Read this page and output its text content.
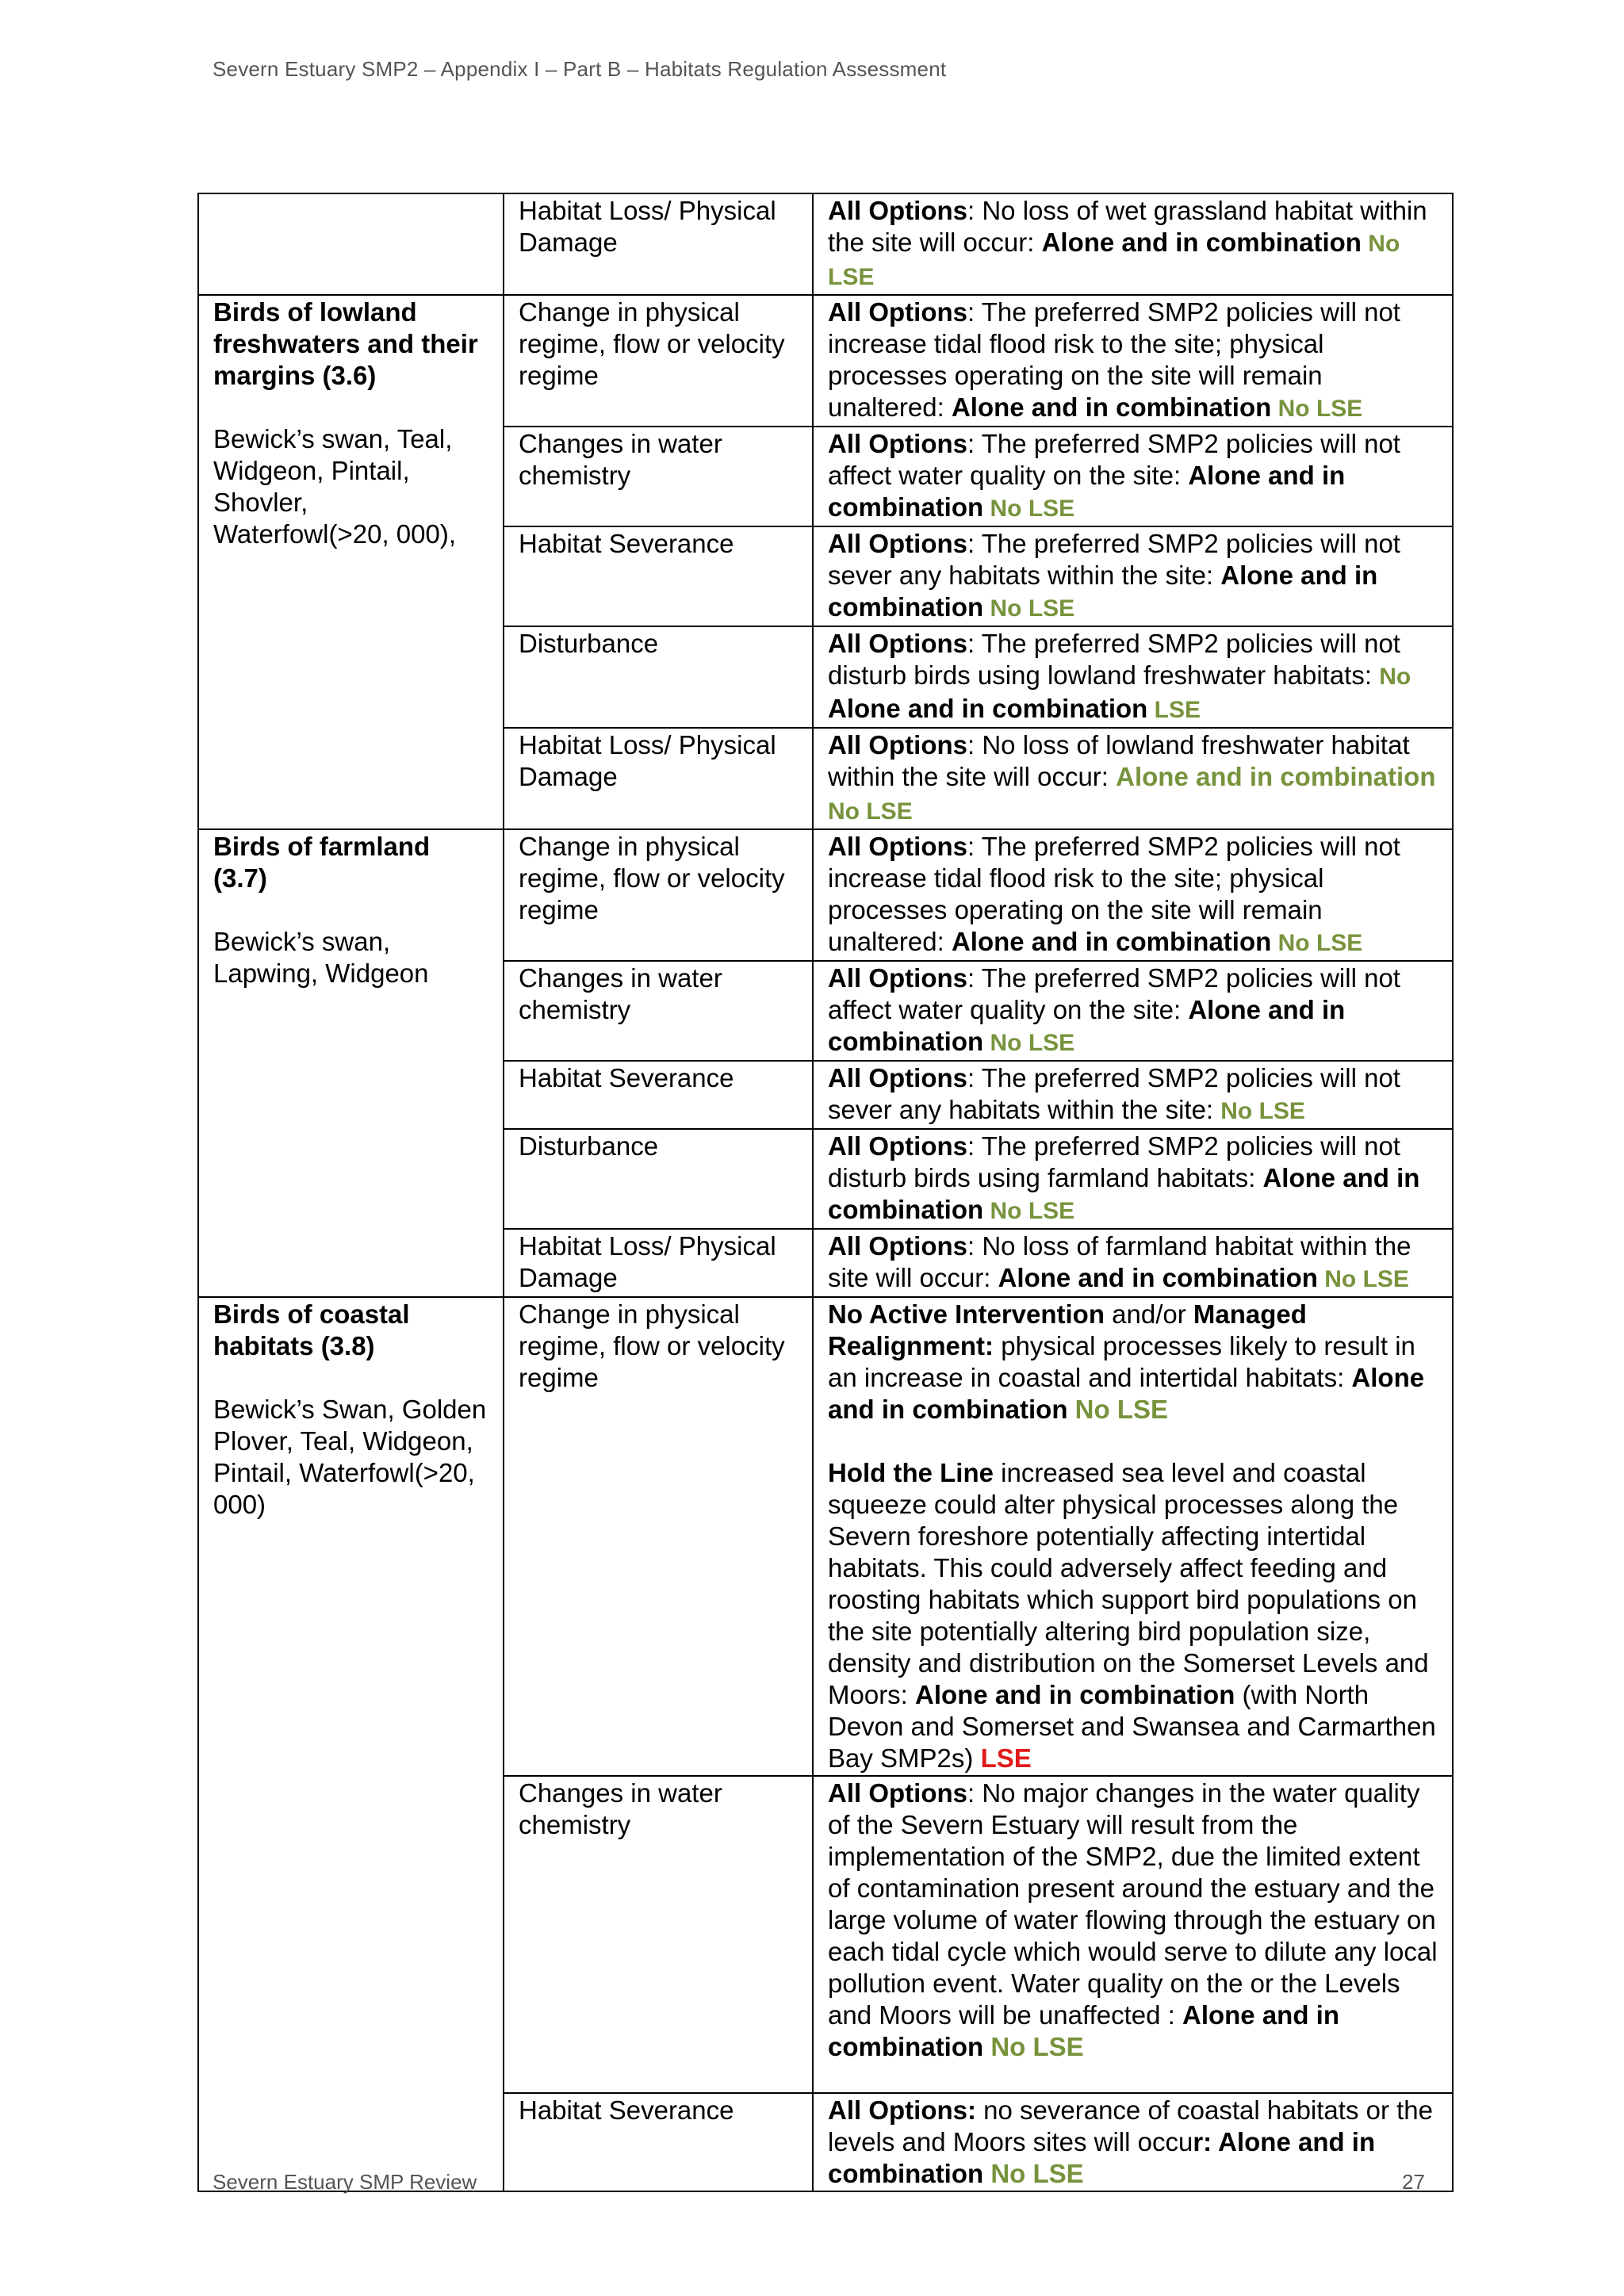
Severn Estuary SMP2 – Appendix I – Part B – Habitats Regulation Assessment
	Habitat Loss/ Physical Damage	All Options: No loss of wet grassland habitat within the site will occur: Alone and in combination No LSE

Birds of lowland freshwaters and their margins (3.6)
Bewick’s swan, Teal, Widgeon, Pintail, Shovler, Waterfowl(>20, 000),	Change in physical regime, flow or velocity regime	All Options: The preferred SMP2 policies will not increase tidal flood risk to the site; physical processes operating on the site will remain unaltered: Alone and in combination No LSE
	Changes in water chemistry	All Options: The preferred SMP2 policies will not affect water quality on the site: Alone and in combination No LSE
	Habitat Severance	All Options: The preferred SMP2 policies will not sever any habitats within the site: Alone and in combination No LSE
	Disturbance	All Options: The preferred SMP2 policies will not disturb birds using lowland freshwater habitats: No Alone and in combination LSE
	Habitat Loss/ Physical Damage	All Options: No loss of lowland freshwater habitat within the site will occur: Alone and in combination No LSE

Birds of farmland (3.7)
Bewick’s swan, Lapwing, Widgeon	Change in physical regime, flow or velocity regime	All Options: The preferred SMP2 policies will not increase tidal flood risk to the site; physical processes operating on the site will remain unaltered: Alone and in combination No LSE
	Changes in water chemistry	All Options: The preferred SMP2 policies will not affect water quality on the site: Alone and in combination No LSE
	Habitat Severance	All Options: The preferred SMP2 policies will not sever any habitats within the site: No LSE
	Disturbance	All Options: The preferred SMP2 policies will not disturb birds using farmland habitats: Alone and in combination No LSE
	Habitat Loss/ Physical Damage	All Options: No loss of farmland habitat within the site will occur: Alone and in combination No LSE

Birds of coastal habitats (3.8)
Bewick’s Swan, Golden Plover, Teal, Widgeon, Pintail, Waterfowl(>20, 000)	Change in physical regime, flow or velocity regime	No Active Intervention and/or Managed Realignment: physical processes likely to result in an increase in coastal and intertidal habitats: Alone and in combination No LSE
Hold the Line increased sea level and coastal squeeze could alter physical processes along the Severn foreshore potentially affecting intertidal habitats. This could adversely affect feeding and roosting habitats which support bird populations on the site potentially altering bird population size, density and distribution on the Somerset Levels and Moors: Alone and in combination (with North Devon and Somerset and Swansea and Carmarthen Bay SMP2s) LSE

	Changes in water chemistry	All Options: No major changes in the water quality of the Severn Estuary will result from the implementation of the SMP2, due the limited extent of contamination present around the estuary and the large volume of water flowing through the estuary on each tidal cycle which would serve to dilute any local pollution event. Water quality on the or the Levels and Moors will be unaffected : Alone and in combination No LSE
	Habitat Severance	All Options: no severance of coastal habitats or the levels and Moors sites will occur: Alone and in combination No LSE
Severn Estuary SMP Review	27
